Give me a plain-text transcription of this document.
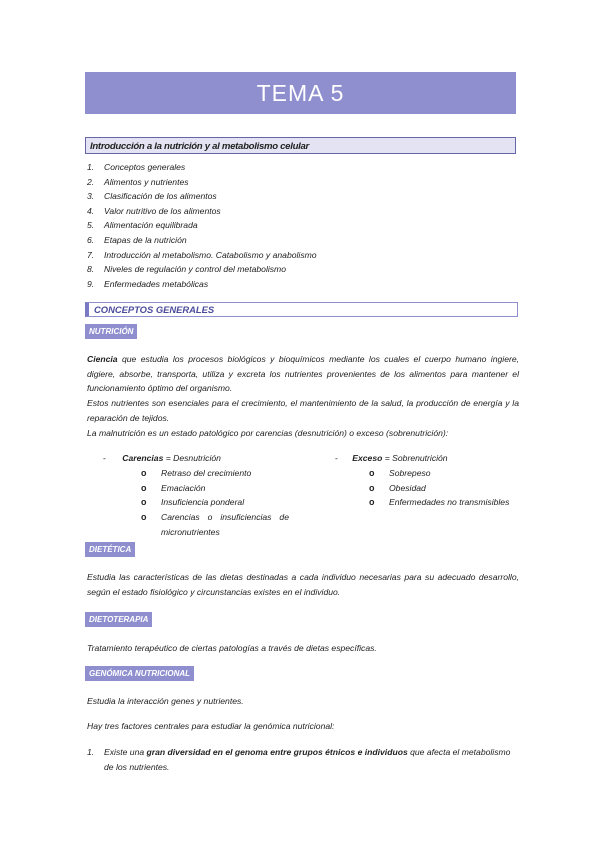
TEMA 5
Introducción a la nutrición y al metabolismo celular
1. Conceptos generales
2. Alimentos y nutrientes
3. Clasificación de los alimentos
4. Valor nutritivo de los alimentos
5. Alimentación equilibrada
6. Etapas de la nutrición
7. Introducción al metabolismo. Catabolismo y anabolismo
8. Niveles de regulación y control del metabolismo
9. Enfermedades metabólicas
CONCEPTOS GENERALES
NUTRICIÓN

Ciencia que estudia los procesos biológicos y bioquímicos mediante los cuales el cuerpo humano ingiere, digiere, absorbe, transporta, utiliza y excreta los nutrientes provenientes de los alimentos para mantener el funcionamiento óptimo del organismo.

Estos nutrientes son esenciales para el crecimiento, el mantenimiento de la salud, la producción de energía y la reparación de tejidos.

La malnutrición es un estado patológico por carencias (desnutrición) o exceso (sobrenutrición):

- Carencias = Desnutrición
o Retraso del crecimiento
o Emaciación
o Insuficiencia ponderal
o Carencias o insuficiencias de micronutrientes
- Exceso = Sobrenutrición
o Sobrepeso
o Obesidad
o Enfermedades no transmisibles
DIETÉTICA

Estudia las características de las dietas destinadas a cada individuo necesarias para su adecuado desarrollo, según el estado fisiológico y circunstancias existes en el individuo.

DIETOTERAPIA

Tratamiento terapéutico de ciertas patologías a través de dietas específicas.

GENÓMICA NUTRICIONAL

Estudia la interacción genes y nutrientes.

Hay tres factores centrales para estudiar la genómica nutricional:

1. Existe una gran diversidad en el genoma entre grupos étnicos e individuos que afecta el metabolismo de los nutrientes.
